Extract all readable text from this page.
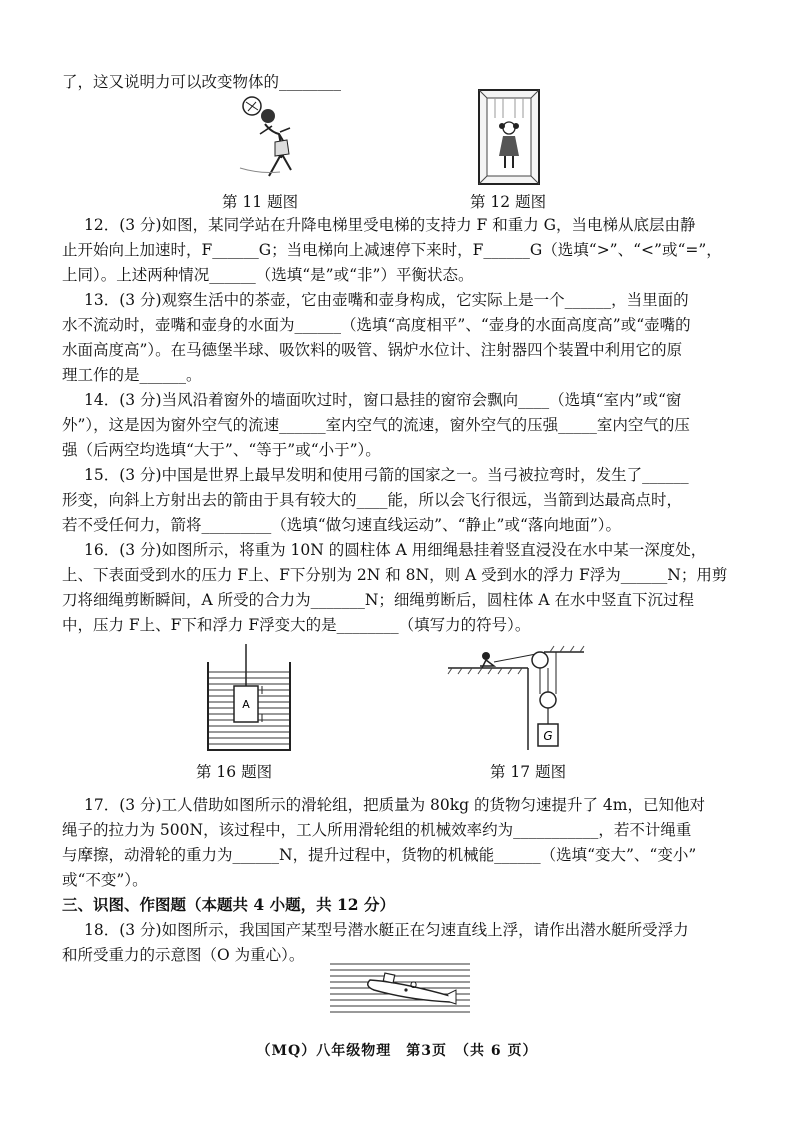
了，这又说明力可以改变物体的________
第 11 题图	第 12 题图
12．(3 分)如图，某同学站在升降电梯里受电梯的支持力 F 和重力 G，当电梯从底层由静
止开始向上加速时，F______G；当电梯向上减速停下来时，F______G（选填“>”、“<”或“=”，
上同）。上述两种情况______（选填“是”或“非”）平衡状态。
13．(3 分)观察生活中的茶壶，它由壶嘴和壶身构成，它实际上是一个______，当里面的
水不流动时，壶嘴和壶身的水面为______（选填“高度相平”、“壶身的水面高度高”或“壶嘴的
水面高度高”）。在马德堡半球、吸饮料的吸管、锅炉水位计、注射器四个装置中利用它的原
理工作的是______。
14．(3 分)当风沿着窗外的墙面吹过时，窗口悬挂的窗帘会飘向____（选填“室内”或“窗
外”），这是因为窗外空气的流速______室内空气的流速，窗外空气的压强_____室内空气的压
强（后两空均选填“大于”、“等于”或“小于”）。
15．(3 分)中国是世界上最早发明和使用弓箭的国家之一。当弓被拉弯时，发生了______
形变，向斜上方射出去的箭由于具有较大的____能，所以会飞行很远，当箭到达最高点时，
若不受任何力，箭将_________（选填“做匀速直线运动”、“静止”或“落向地面”）。
16．(3 分)如图所示，将重为 10N 的圆柱体 A 用细绳悬挂着竖直浸没在水中某一深度处，
上、下表面受到水的压力 F上、F下分别为 2N 和 8N，则 A 受到水的浮力 F浮为______N；用剪
刀将细绳剪断瞬间，A 所受的合力为_______N；细绳剪断后，圆柱体 A 在水中竖直下沉过程
中，压力 F上、F下和浮力 F浮变大的是________（填写力的符号）。
A
第 16 题图
G
第 17 题图
17．(3 分)工人借助如图所示的滑轮组，把质量为 80kg 的货物匀速提升了 4m，已知他对
绳子的拉力为 500N，该过程中，工人所用滑轮组的机械效率约为___________，若不计绳重
与摩擦，动滑轮的重力为______N，提升过程中，货物的机械能______（选填“变大”、“变小”
或“不变”）。
三、识图、作图题（本题共 4 小题，共 12 分）
18．(3 分)如图所示，我国国产某型号潜水艇正在匀速直线上浮，请作出潜水艇所受浮力
和所受重力的示意图（O 为重心）。
O
（MQ）八年级物理　第3页　（共 6 页）
